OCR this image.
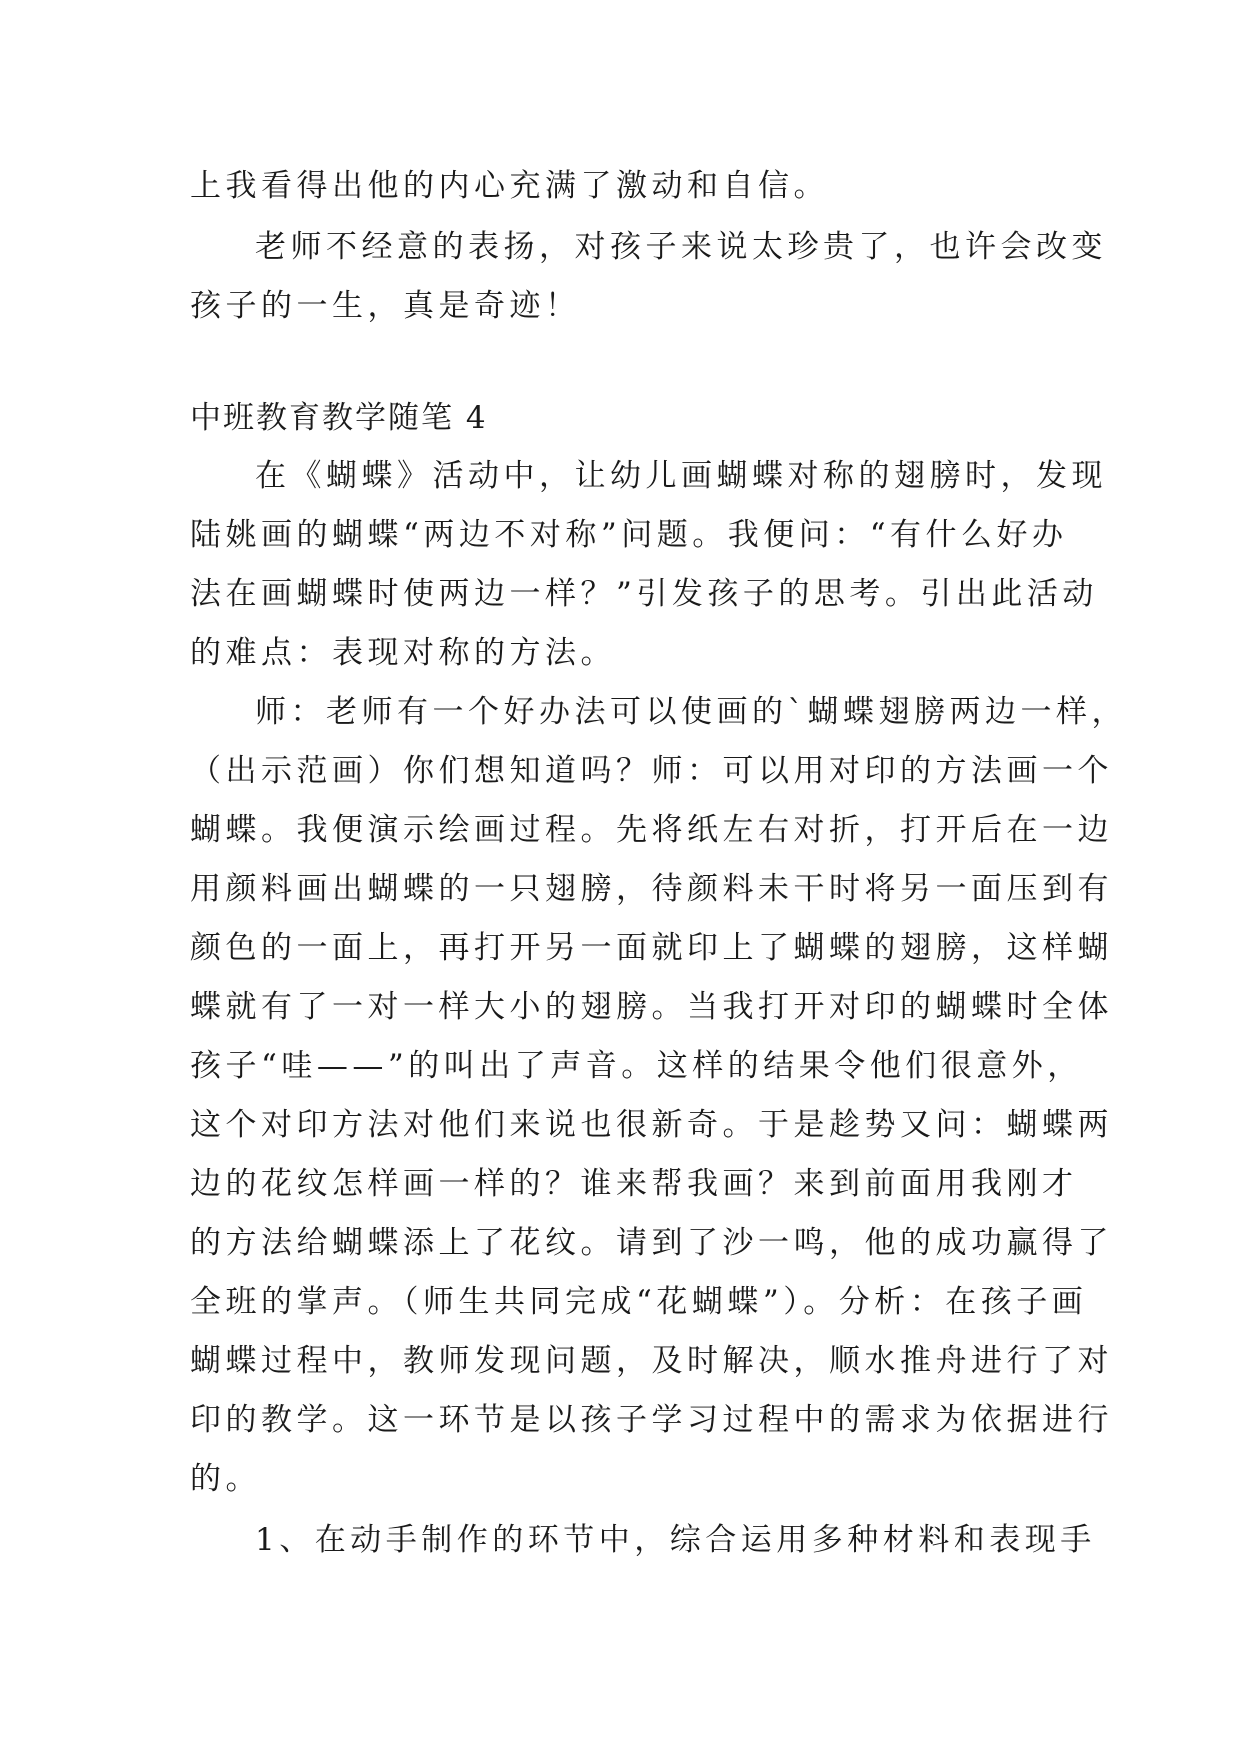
上我看得出他的内心充满了激动和自信。
老师不经意的表扬，对孩子来说太珍贵了，也许会改变
孩子的一生，真是奇迹！
中班教育教学随笔 4
在《蝴蝶》活动中，让幼儿画蝴蝶对称的翅膀时，发现
陆姚画的蝴蝶“两边不对称”问题。我便问：“有什么好办
法在画蝴蝶时使两边一样？”引发孩子的思考。引出此活动
的难点：表现对称的方法。
师：老师有一个好办法可以使画的`蝴蝶翅膀两边一样，
（出示范画）你们想知道吗？师：可以用对印的方法画一个
蝴蝶。我便演示绘画过程。先将纸左右对折，打开后在一边
用颜料画出蝴蝶的一只翅膀，待颜料未干时将另一面压到有
颜色的一面上，再打开另一面就印上了蝴蝶的翅膀，这样蝴
蝶就有了一对一样大小的翅膀。当我打开对印的蝴蝶时全体
孩子“哇——”的叫出了声音。这样的结果令他们很意外，
这个对印方法对他们来说也很新奇。于是趁势又问：蝴蝶两
边的花纹怎样画一样的？谁来帮我画？来到前面用我刚才
的方法给蝴蝶添上了花纹。请到了沙一鸣，他的成功赢得了
全班的掌声。（师生共同完成“花蝴蝶”）。分析：在孩子画
蝴蝶过程中，教师发现问题，及时解决，顺水推舟进行了对
印的教学。这一环节是以孩子学习过程中的需求为依据进行
的。
1、在动手制作的环节中，综合运用多种材料和表现手
